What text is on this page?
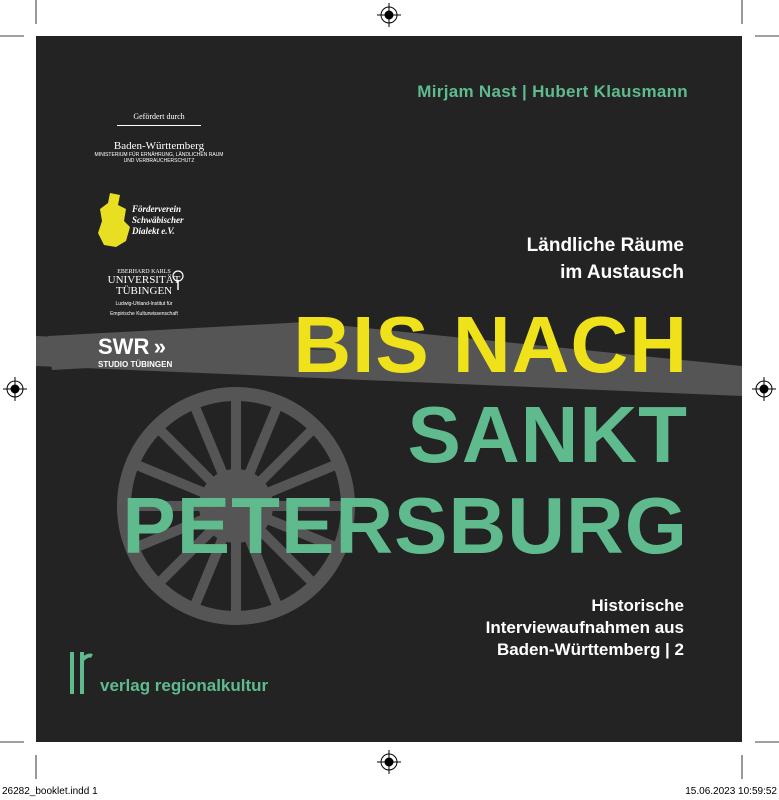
Mirjam Nast | Hubert Klausmann
Gefördert durch
Baden-Württemberg
MINISTERIUM FÜR ERNÄHRUNG, LÄNDLICHEN RAUM
UND VERBRAUCHERSCHUTZ
Förderverein
Schwäbischer
Dialekt e.V.
EBERHARD KARLS
UNIVERSITÄT
TÜBINGEN
Ludwig-Uhland-Institut für
Empirische Kulturwissenschaft
SWR »
STUDIO TÜBINGEN
Ländliche Räume
im Austausch
BIS NACH
SANKT
PETERSBURG
Historische
Interviewaufnahmen aus
Baden-Württemberg | 2
verlag regionalkultur
26282_booklet.indd 1	15.06.2023 10:59:52
